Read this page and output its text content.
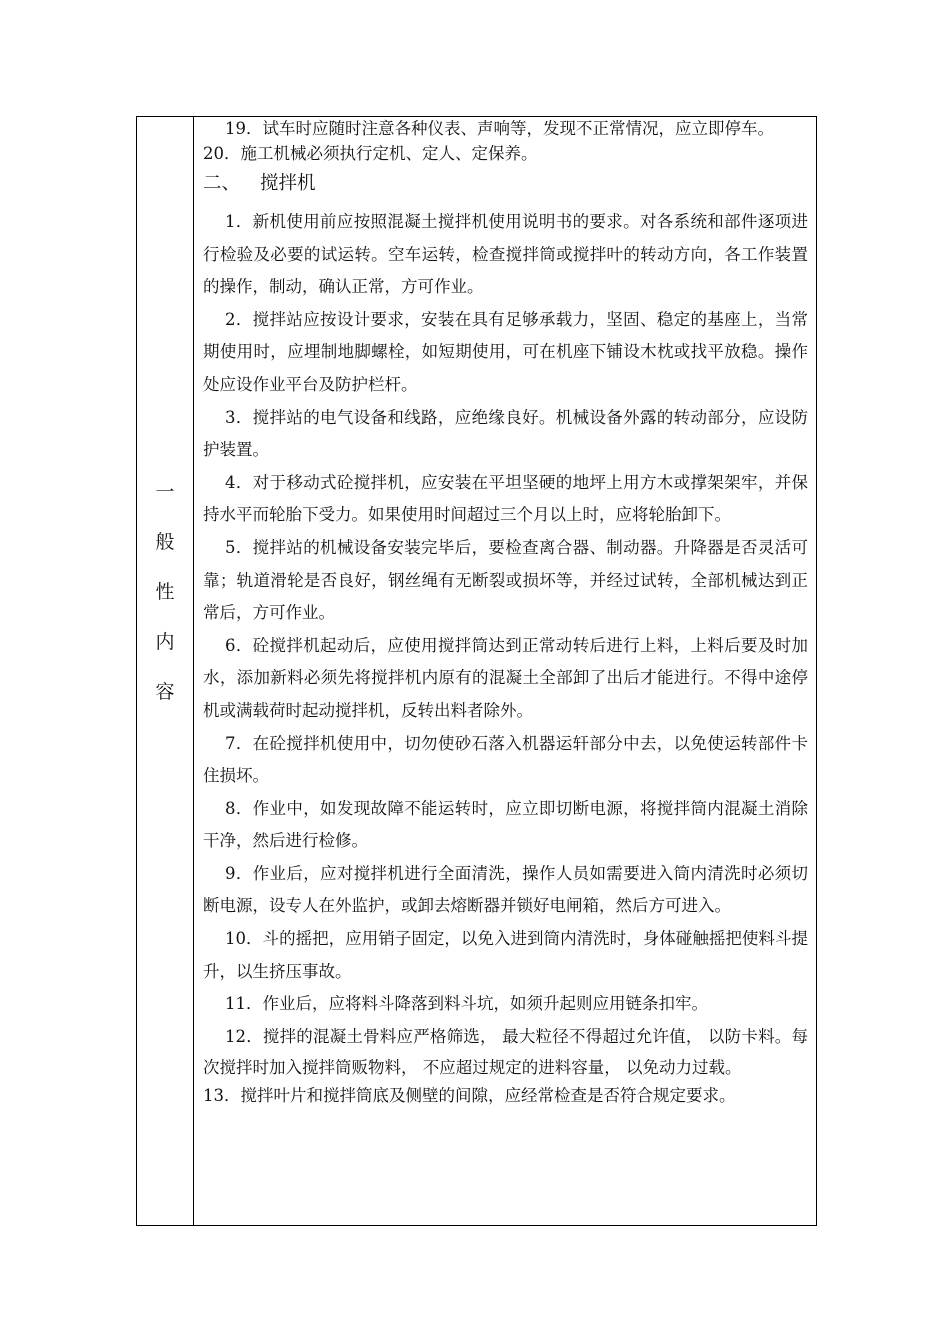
一
般
性
内
容

19．试车时应随时注意各种仪表、声响等，发现不正常情况，应立即停车。

20．施工机械必须执行定机、定人、定保养。

二、 搅拌机

1．新机使用前应按照混凝土搅拌机使用说明书的要求。对各系统和部件逐项进行检验及必要的试运转。空车运转，检查搅拌筒或搅拌叶的转动方向，各工作装置的操作，制动，确认正常，方可作业。

2．搅拌站应按设计要求，安装在具有足够承载力，坚固、稳定的基座上，当常期使用时，应埋制地脚螺栓，如短期使用，可在机座下铺设木枕或找平放稳。操作处应设作业平台及防护栏杆。

3．搅拌站的电气设备和线路，应绝缘良好。机械设备外露的转动部分，应设防护装置。

4．对于移动式砼搅拌机，应安装在平坦坚硬的地坪上用方木或撑架架牢，并保持水平而轮胎下受力。如果使用时间超过三个月以上时，应将轮胎卸下。

5．搅拌站的机械设备安装完毕后，要检查离合器、制动器。升降器是否灵活可靠；轨道滑轮是否良好，钢丝绳有无断裂或损坏等，并经过试转，全部机械达到正常后，方可作业。

6．砼搅拌机起动后，应使用搅拌筒达到正常动转后进行上料，上料后要及时加水，添加新料必须先将搅拌机内原有的混凝土全部卸了出后才能进行。不得中途停机或满载荷时起动搅拌机，反转出料者除外。

7．在砼搅拌机使用中，切勿使砂石落入机器运轩部分中去，以免使运转部件卡住损坏。

8．作业中，如发现故障不能运转时，应立即切断电源，将搅拌筒内混凝土消除干净，然后进行检修。

9．作业后，应对搅拌机进行全面清洗，操作人员如需要进入筒内清洗时必须切断电源，设专人在外监护，或卸去熔断器并锁好电闸箱，然后方可进入。

10．斗的摇把，应用销子固定，以免入进到筒内清洗时，身体碰触摇把使料斗提升，以生挤压事故。

11．作业后，应将料斗降落到料斗坑，如须升起则应用链条扣牢。

12．搅拌的混凝土骨料应严格筛选， 最大粒径不得超过允许值， 以防卡料。每次搅拌时加入搅拌筒贩物料， 不应超过规定的进料容量， 以免动力过载。

13．搅拌叶片和搅拌筒底及侧壁的间隙，应经常检查是否符合规定要求。
